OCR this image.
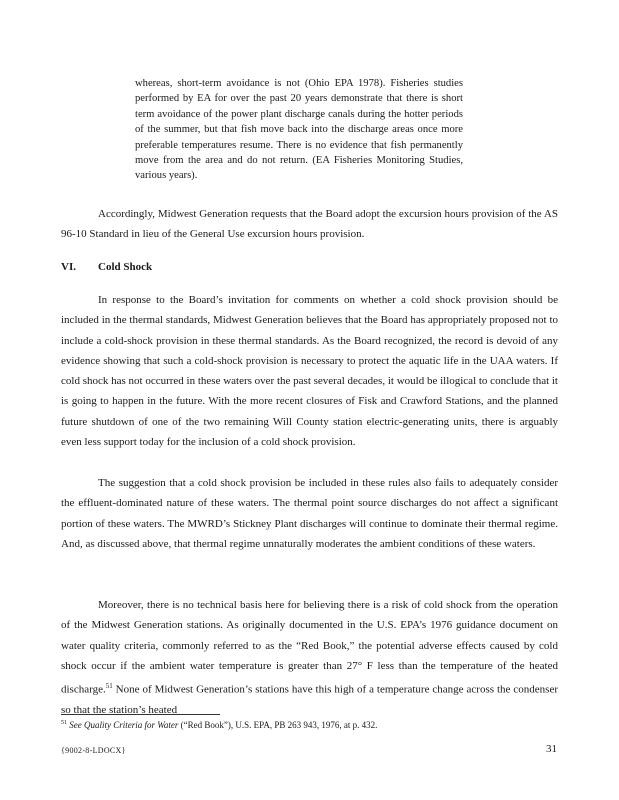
whereas, short-term avoidance is not (Ohio EPA 1978). Fisheries studies performed by EA for over the past 20 years demonstrate that there is short term avoidance of the power plant discharge canals during the hotter periods of the summer, but that fish move back into the discharge areas once more preferable temperatures resume. There is no evidence that fish permanently move from the area and do not return. (EA Fisheries Monitoring Studies, various years).

Accordingly, Midwest Generation requests that the Board adopt the excursion hours provision of the AS 96-10 Standard in lieu of the General Use excursion hours provision.

VI. Cold Shock

In response to the Board’s invitation for comments on whether a cold shock provision should be included in the thermal standards, Midwest Generation believes that the Board has appropriately proposed not to include a cold-shock provision in these thermal standards. As the Board recognized, the record is devoid of any evidence showing that such a cold-shock provision is necessary to protect the aquatic life in the UAA waters. If cold shock has not occurred in these waters over the past several decades, it would be illogical to conclude that it is going to happen in the future. With the more recent closures of Fisk and Crawford Stations, and the planned future shutdown of one of the two remaining Will County station electric-generating units, there is arguably even less support today for the inclusion of a cold shock provision.

The suggestion that a cold shock provision be included in these rules also fails to adequately consider the effluent-dominated nature of these waters. The thermal point source discharges do not affect a significant portion of these waters. The MWRD’s Stickney Plant discharges will continue to dominate their thermal regime. And, as discussed above, that thermal regime unnaturally moderates the ambient conditions of these waters.

Moreover, there is no technical basis here for believing there is a risk of cold shock from the operation of the Midwest Generation stations. As originally documented in the U.S. EPA’s 1976 guidance document on water quality criteria, commonly referred to as the “Red Book,” the potential adverse effects caused by cold shock occur if the ambient water temperature is greater than 27° F less than the temperature of the heated discharge.$^{51}$ None of Midwest Generation’s stations have this high of a temperature change across the condenser so that the station’s heated

$^{51}$ See Quality Criteria for Water (“Red Book”), U.S. EPA, PB 263 943, 1976, at p. 432.

{9002-8-LDOCX}	31
